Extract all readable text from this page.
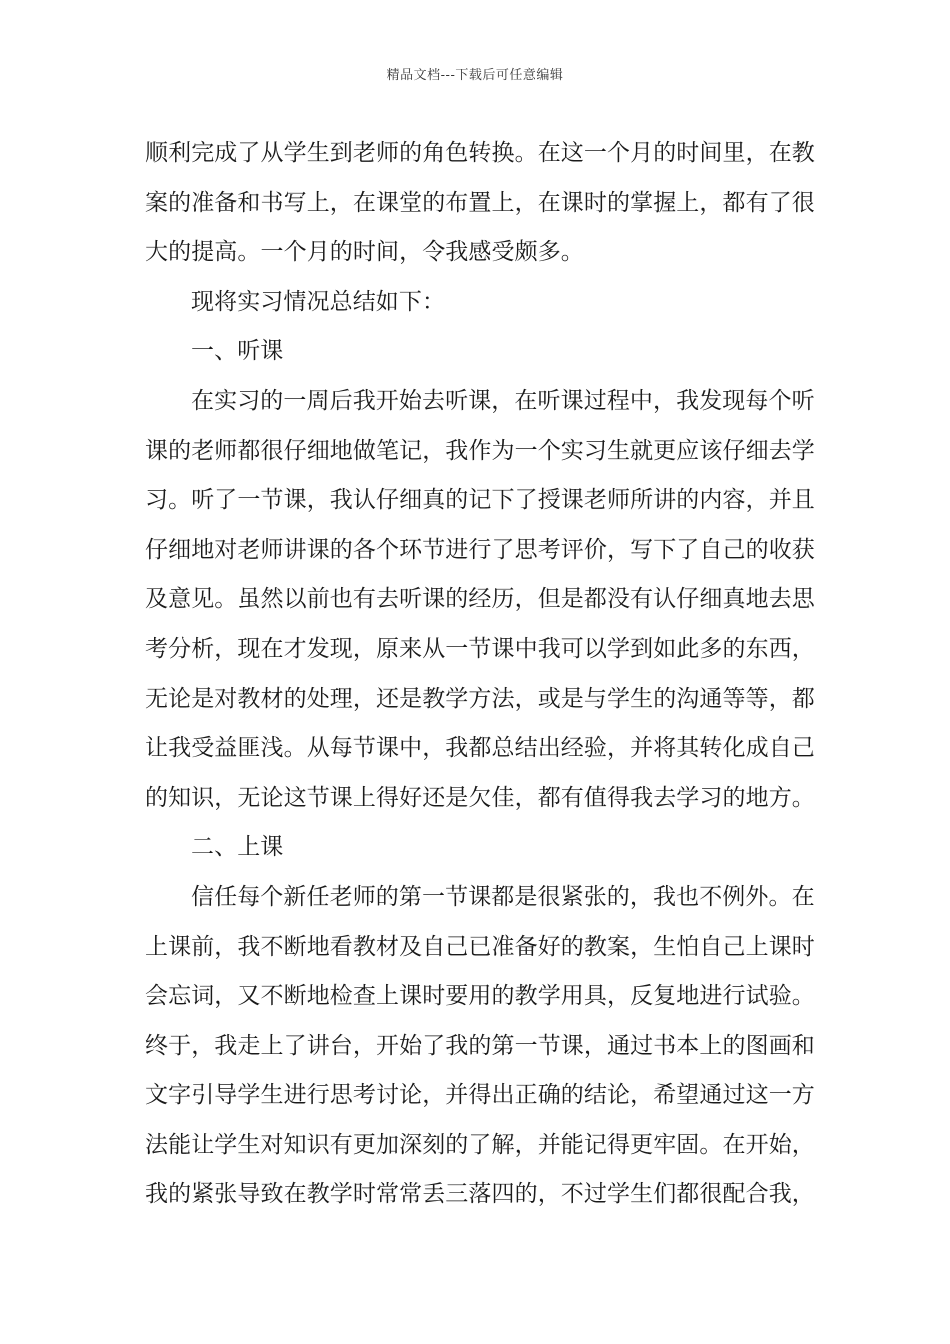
精品文档---下载后可任意编辑
顺利完成了从学生到老师的角色转换。在这一个月的时间里，在教
案的准备和书写上，在课堂的布置上，在课时的掌握上，都有了很
大的提高。一个月的时间，令我感受颇多。
现将实习情况总结如下：
一、听课
在实习的一周后我开始去听课，在听课过程中，我发现每个听
课的老师都很仔细地做笔记，我作为一个实习生就更应该仔细去学
习。听了一节课，我认仔细真的记下了授课老师所讲的内容，并且
仔细地对老师讲课的各个环节进行了思考评价，写下了自己的收获
及意见。虽然以前也有去听课的经历，但是都没有认仔细真地去思
考分析，现在才发现，原来从一节课中我可以学到如此多的东西，
无论是对教材的处理，还是教学方法，或是与学生的沟通等等，都
让我受益匪浅。从每节课中，我都总结出经验，并将其转化成自己
的知识，无论这节课上得好还是欠佳，都有值得我去学习的地方。
二、上课
信任每个新任老师的第一节课都是很紧张的，我也不例外。在
上课前，我不断地看教材及自己已准备好的教案，生怕自己上课时
会忘词，又不断地检查上课时要用的教学用具，反复地进行试验。
终于，我走上了讲台，开始了我的第一节课，通过书本上的图画和
文字引导学生进行思考讨论，并得出正确的结论，希望通过这一方
法能让学生对知识有更加深刻的了解，并能记得更牢固。在开始，
我的紧张导致在教学时常常丢三落四的，不过学生们都很配合我，
